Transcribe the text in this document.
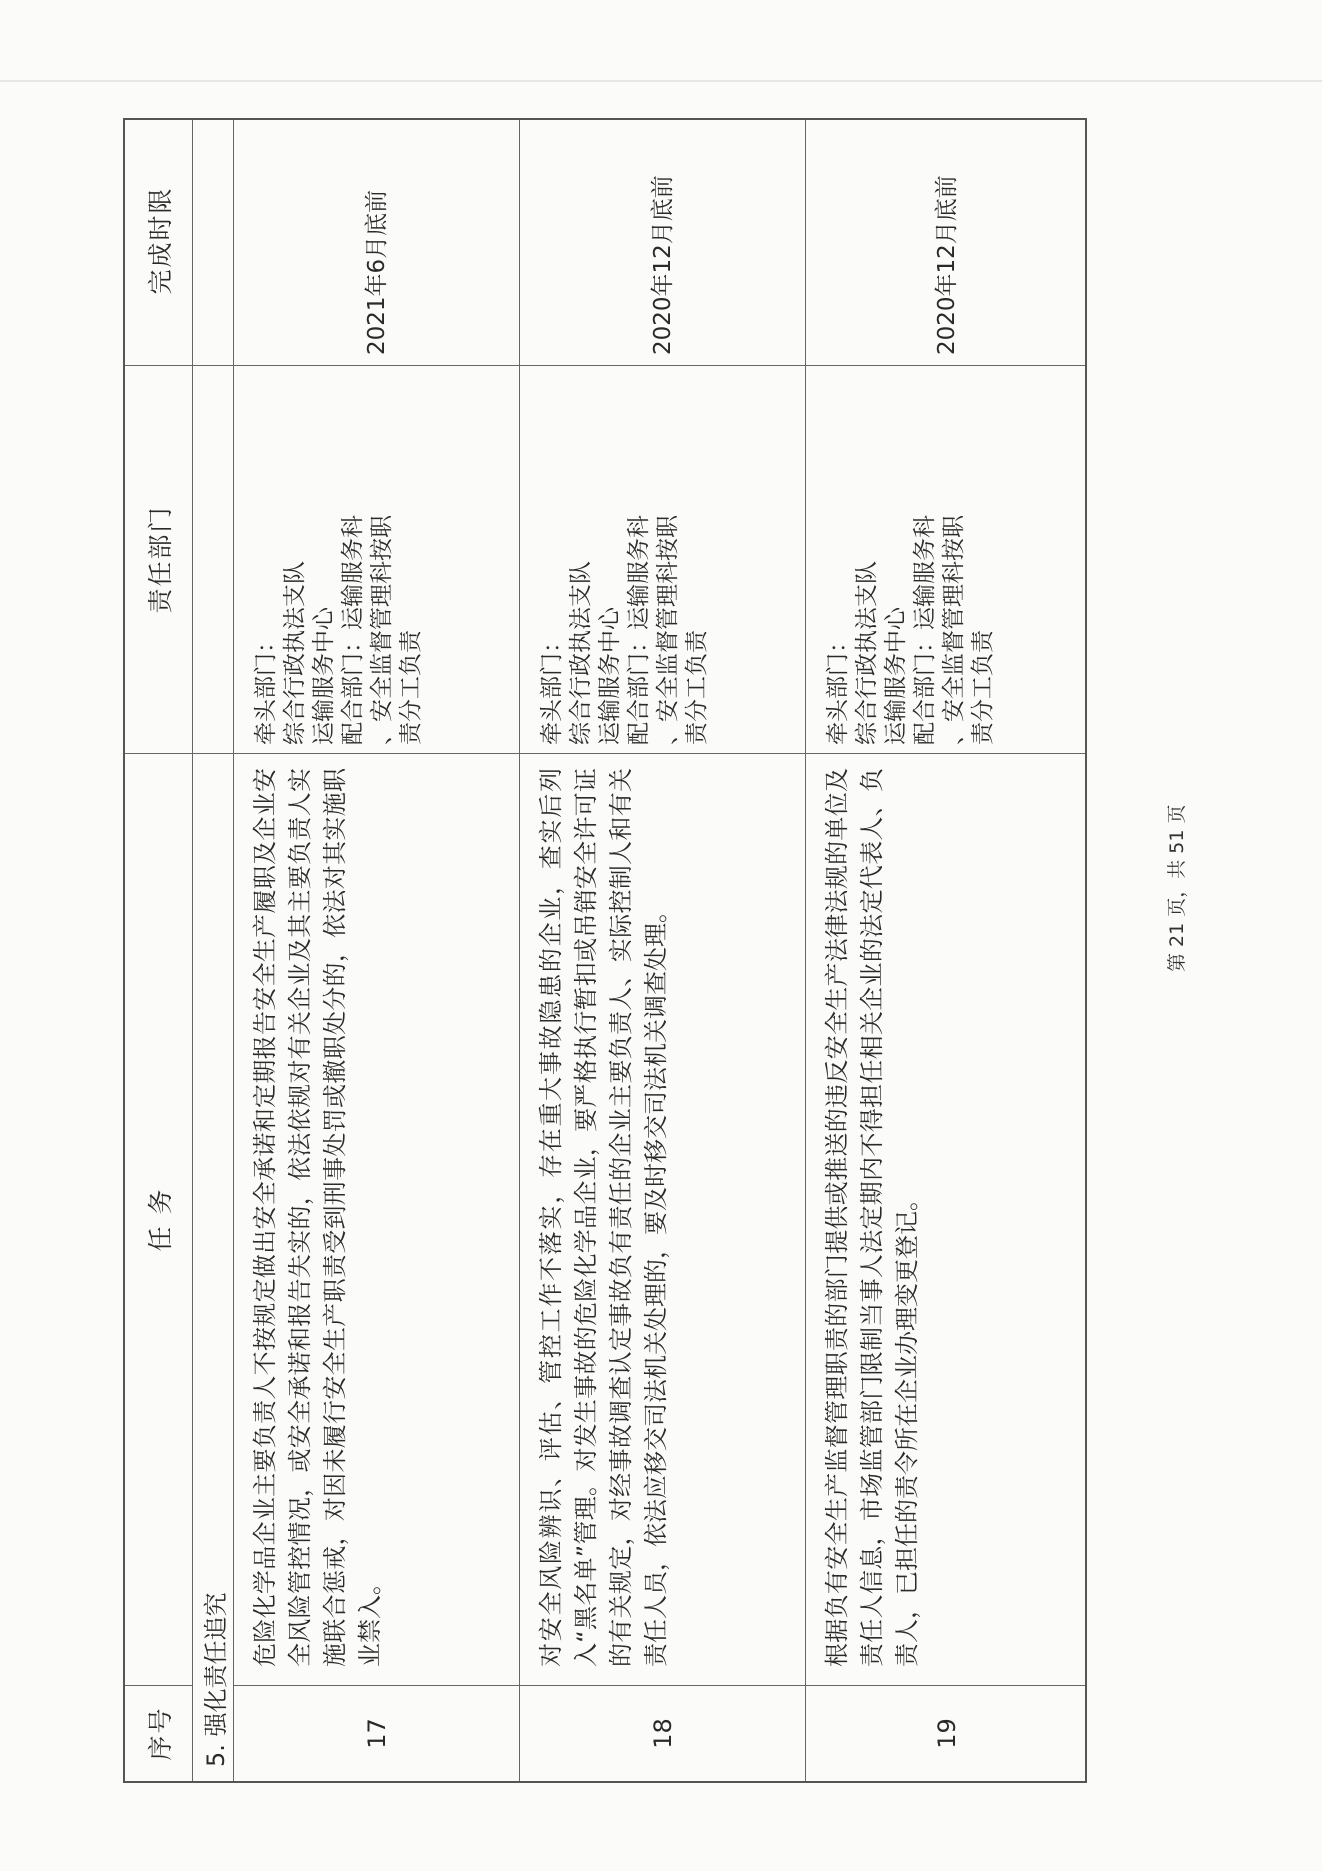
序号
任 务
责任部门
完成时限
5. 强化责任追究	17
危险化学品企业主要负责人不按规定做出安全承诺和定期报告安全生产履职及企业安全风险管控情况，或安全承诺和报告失实的，依法依规对有关企业及其主要负责人实施联合惩戒，对因未履行安全生产职责受到刑事处罚或撤职处分的，依法对其实施职业禁入。
牵头部门： 综合行政执法支队 运输服务中心 配合部门：运输服务科 、安全监督管理科按职 责分工负责
2021年6月底前
18
对安全风险辨识、评估、管控工作不落实，存在重大事故隐患的企业，查实后列入“黑名单”管理。对发生事故的危险化学品企业，要严格执行暂扣或吊销安全许可证的有关规定，对经事故调查认定事故负有责任的企业主要负责人、实际控制人和有关责任人员，依法应移交司法机关处理的，要及时移交司法机关调查处理。
牵头部门： 综合行政执法支队 运输服务中心 配合部门：运输服务科 、安全监督管理科按职 责分工负责
2020年12月底前
19
根据负有安全生产监督管理职责的部门提供或推送的违反安全生产法律法规的单位及责任人信息，市场监管部门限制当事人法定期内不得担任相关企业的法定代表人、负责人，已担任的责令所在企业办理变更登记。
牵头部门： 综合行政执法支队 运输服务中心 配合部门：运输服务科 、安全监督管理科按职 责分工负责
2020年12月底前
第 21 页，共 51 页
